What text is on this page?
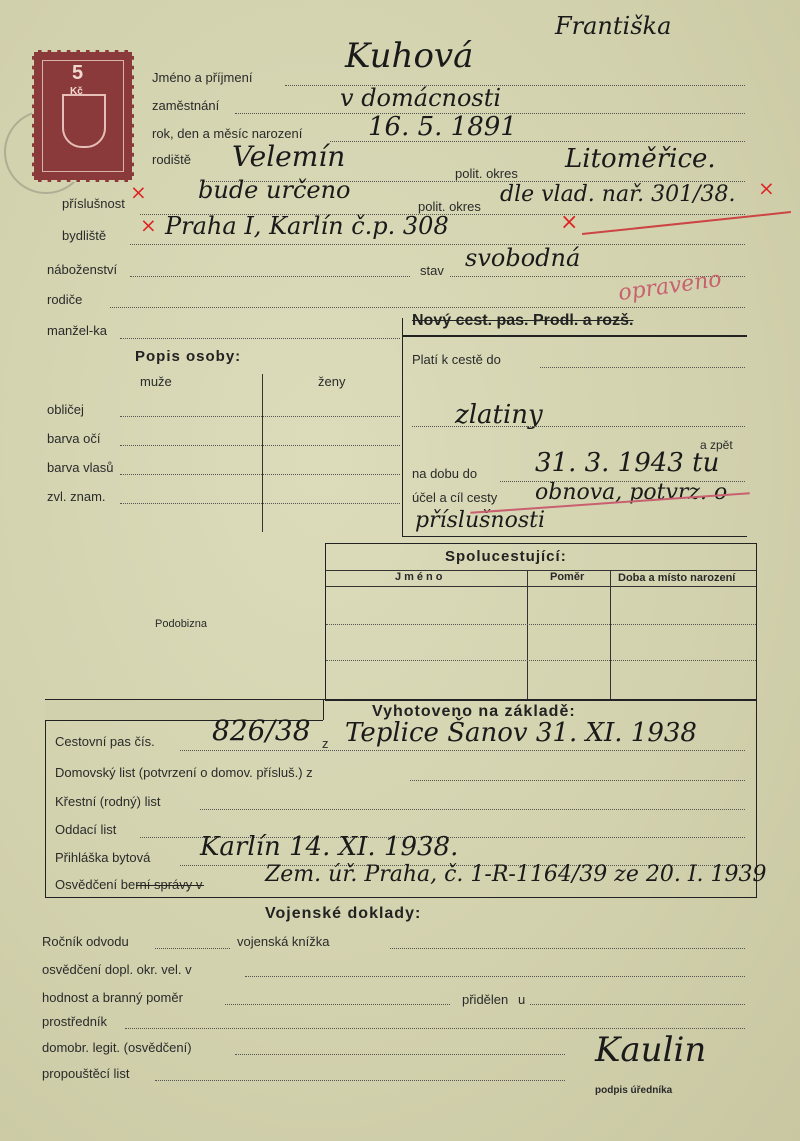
5
Kč
Františka
Kuhová
Jméno a příjmení
zaměstnání	v domácnosti
rok, den a měsíc narození	16. 5. 1891
rodiště Velemín
polit. okres Litoměřice.
příslušnost × bude určeno
polit. okres dle vlad. nař. 301/38. ×
bydliště × Praha I, Karlín č.p. 308	×
náboženství	stav svobodná
rodiče	opraveno
manžel-ka
Popis osoby:
muže	ženy
obličej
barva očí
barva vlasů
zvl. znam.
Nový cest. pas. Prodl. a rozš.
Platí k cestě do
zlatiny
a zpět
na dobu do 31. 3. 1943 tu
účel a cíl cesty obnova, potvrz. o
příslušnosti
Podobizna
Spolucestující:
Jméno	Poměr	Doba a místo narození
Vyhotoveno na základě:
Cestovní pas čís. 826/38 z Teplice Šanov 31. XI. 1938
Domovský list (potvrzení o domov. přísluš.) z
Křestní (rodný) list
Oddací list
Přihláška bytová Karlín 14. XI. 1938.
Osvědčení berní správy v	Zem. úř. Praha, č. 1-R-1164/39 ze 20. I. 1939
Vojenské doklady:
Ročník odvodu	vojenská knížka
osvědčení dopl. okr. vel. v
hodnost a branný poměr	přidělen u
prostředník
domobr. legit. (osvědčení)
propouštěcí list
Kaulin
podpis úředníka
